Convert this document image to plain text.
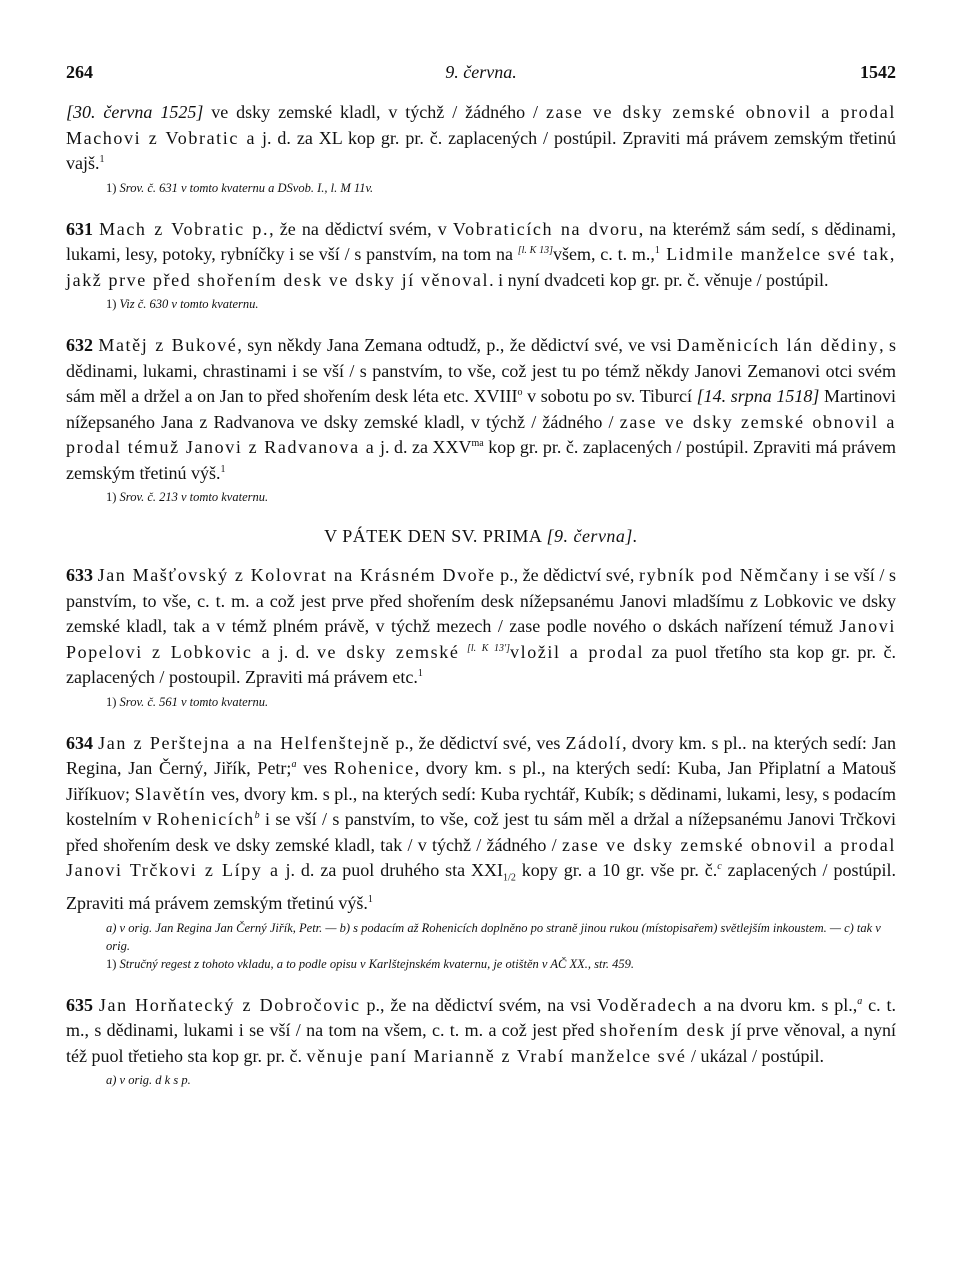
264	9. června.	1542

[30. června 1525] ve dsky zemské kladl, v týchž / žádného / zase ve dsky zemské obnovil a prodal Machovi z Vobratic a j. d. za XL kop gr. pr. č. zaplacených / postúpil. Zpraviti má právem zemským třetinú vajš.$^1$

1) Srov. č. 631 v tomto kvaternu a DSvob. I., l. M 11v.

631 Mach z Vobratic p., že na dědictví svém, v Vobraticích na dvoru, na kterémž sám sedí, s dědinami, lukami, lesy, potoky, rybníčky i se vší / s panstvím, na tom na [l. K 13]všem, c. t. m.,$^1$ Lidmile manželce své tak, jakž prve před shořením desk ve dsky jí věnoval. i nyní dvadceti kop gr. pr. č. věnuje / postúpil.

1) Viz č. 630 v tomto kvaternu.

632 Matěj z Bukové, syn někdy Jana Zemana odtudž, p., že dědictví své, ve vsi Daměnicích lán dědiny, s dědinami, lukami, chrastinami i se vší / s panstvím, to vše, což jest tu po témž někdy Janovi Zemanovi otci svém sám měl a držel a on Jan to před shořením desk léta etc. XVIII$^o$ v sobotu po sv. Tiburcí [14. srpna 1518] Martinovi nížepsaného Jana z Radvanova ve dsky zemské kladl, v týchž / žádného / zase ve dsky zemské obnovil a prodal témuž Janovi z Radvanova a j. d. za $XXV^{ma}$ kop gr. pr. č. zaplacených / postúpil. Zpraviti má právem zemským třetinú výš.$^1$

1) Srov. č. 213 v tomto kvaternu.

V PÁTEK DEN SV. PRIMA [9. června].

633 Jan Mašťovský z Kolovrat na Krásném Dvoře p., že dědictví své, rybník pod Němčany i se vší / s panstvím, to vše, c. t. m. a což jest prve před shořením desk nížepsanému Janovi mladšímu z Lobkovic ve dsky zemské kladl, tak a v témž plném právě, v týchž mezech / zase podle nového o dskách nařízení témuž Janovi Popelovi z Lobkovic a j. d. ve dsky zemské [l. K 13']vložil a prodal za puol třetího sta kop gr. pr. č. zaplacených / postoupil. Zpraviti má právem etc.$^1$

1) Srov. č. 561 v tomto kvaternu.

634 Jan z Perštejna a na Helfenštejně p., že dědictví své, ves Zádolí, dvory km. s pl.. na kterých sedí: Jan Regina, Jan Černý, Jiřík, Petr;$^a$ ves Rohenice, dvory km. s pl., na kterých sedí: Kuba, Jan Připlatní a Matouš Jiříkuov; Slavětín ves, dvory km. s pl., na kterých sedí: Kuba rychtář, Kubík; s dědinami, lukami, lesy, s podacím kostelním v Rohenicích$^b$ i se vší / s panstvím, to vše, což jest tu sám měl a držal a nížepsanému Janovi Trčkovi před shořením desk ve dsky zemské kladl, tak / v týchž / žádného / zase ve dsky zemské obnovil a prodal Janovi Trčkovi z Lípy a j. d. za puol druhého sta $XXI_{1/2}$ kopy gr. a 10 gr. vše pr. č.$^c$ zaplacených / postúpil. Zpraviti má právem zemským třetinú výš.$^1$

a) v orig. Jan Regina Jan Černý Jiřík, Petr. — b) s podacím až Rohenicích doplněno po straně jinou rukou (místopisařem) světlejším inkoustem. — c) tak v orig.

1) Stručný regest z tohoto vkladu, a to podle opisu v Karlštejnském kvaternu, je otištěn v AČ XX., str. 459.

635 Jan Horňatecký z Dobročovic p., že na dědictví svém, na vsi Voděradech a na dvoru km. s pl.,$^a$ c. t. m., s dědinami, lukami i se vší / na tom na všem, c. t. m. a což jest před shořením desk jí prve věnoval, a nyní též puol třetieho sta kop gr. pr. č. věnuje paní Marianně z Vrabí manželce své / ukázal / postúpil.

a) v orig. d k s p.
